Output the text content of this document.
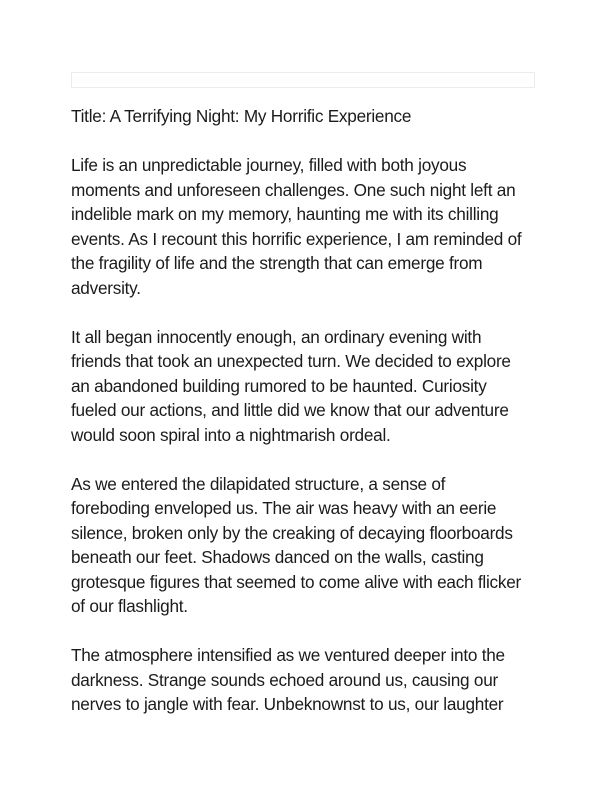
Title: A Terrifying Night: My Horrific Experience

Life is an unpredictable journey, filled with both joyous
moments and unforeseen challenges. One such night left an
indelible mark on my memory, haunting me with its chilling
events. As I recount this horrific experience, I am reminded of
the fragility of life and the strength that can emerge from
adversity.

It all began innocently enough, an ordinary evening with
friends that took an unexpected turn. We decided to explore
an abandoned building rumored to be haunted. Curiosity
fueled our actions, and little did we know that our adventure
would soon spiral into a nightmarish ordeal.

As we entered the dilapidated structure, a sense of
foreboding enveloped us. The air was heavy with an eerie
silence, broken only by the creaking of decaying floorboards
beneath our feet. Shadows danced on the walls, casting
grotesque figures that seemed to come alive with each flicker
of our flashlight.

The atmosphere intensified as we ventured deeper into the
darkness. Strange sounds echoed around us, causing our
nerves to jangle with fear. Unbeknownst to us, our laughter
